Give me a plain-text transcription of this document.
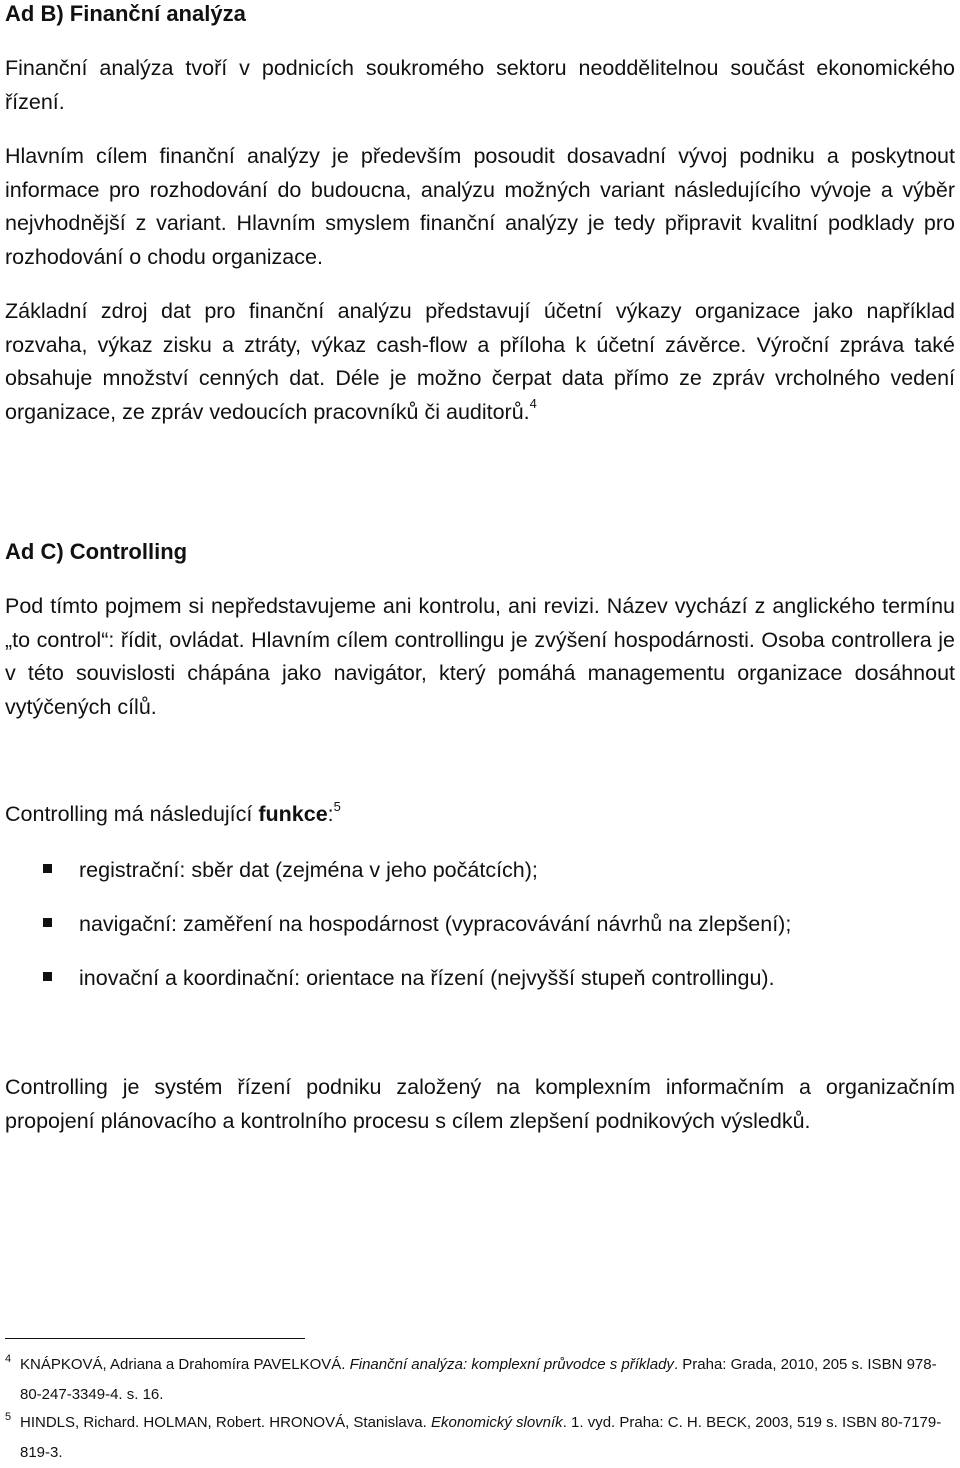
Ad B) Finanční analýza

Finanční analýza tvoří v podnicích soukromého sektoru neoddělitelnou součást ekonomického řízení.

Hlavním cílem finanční analýzy je především posoudit dosavadní vývoj podniku a poskytnout informace pro rozhodování do budoucna, analýzu možných variant následujícího vývoje a výběr nejvhodnější z variant. Hlavním smyslem finanční analýzy je tedy připravit kvalitní podklady pro rozhodování o chodu organizace.

Základní zdroj dat pro finanční analýzu představují účetní výkazy organizace jako například rozvaha, výkaz zisku a ztráty, výkaz cash-flow a příloha k účetní závěrce. Výroční zpráva také obsahuje množství cenných dat. Déle je možno čerpat data přímo ze zpráv vrcholného vedení organizace, ze zpráv vedoucích pracovníků či auditorů.$^4$

Ad C) Controlling

Pod tímto pojmem si nepředstavujeme ani kontrolu, ani revizi. Název vychází z anglického termínu „to control“: řídit, ovládat. Hlavním cílem controllingu je zvýšení hospodárnosti. Osoba controllera je v této souvislosti chápána jako navigátor, který pomáhá managementu organizace dosáhnout vytýčených cílů.

Controlling má následující funkce:$^5$

registrační: sběr dat (zejména v jeho počátcích);
navigační: zaměření na hospodárnost (vypracovávání návrhů na zlepšení);
inovační a koordinační: orientace na řízení (nejvyšší stupeň controllingu).

Controlling je systém řízení podniku založený na komplexním informačním a organizačním propojení plánovacího a kontrolního procesu s cílem zlepšení podnikových výsledků.

4 KNÁPKOVÁ, Adriana a Drahomíra PAVELKOVÁ. Finanční analýza: komplexní průvodce s příklady. Praha: Grada, 2010, 205 s. ISBN 978-80-247-3349-4. s. 16.
5 HINDLS, Richard. HOLMAN, Robert. HRONOVÁ, Stanislava. Ekonomický slovník. 1. vyd. Praha: C. H. BECK, 2003, 519 s. ISBN 80-7179-819-3.
